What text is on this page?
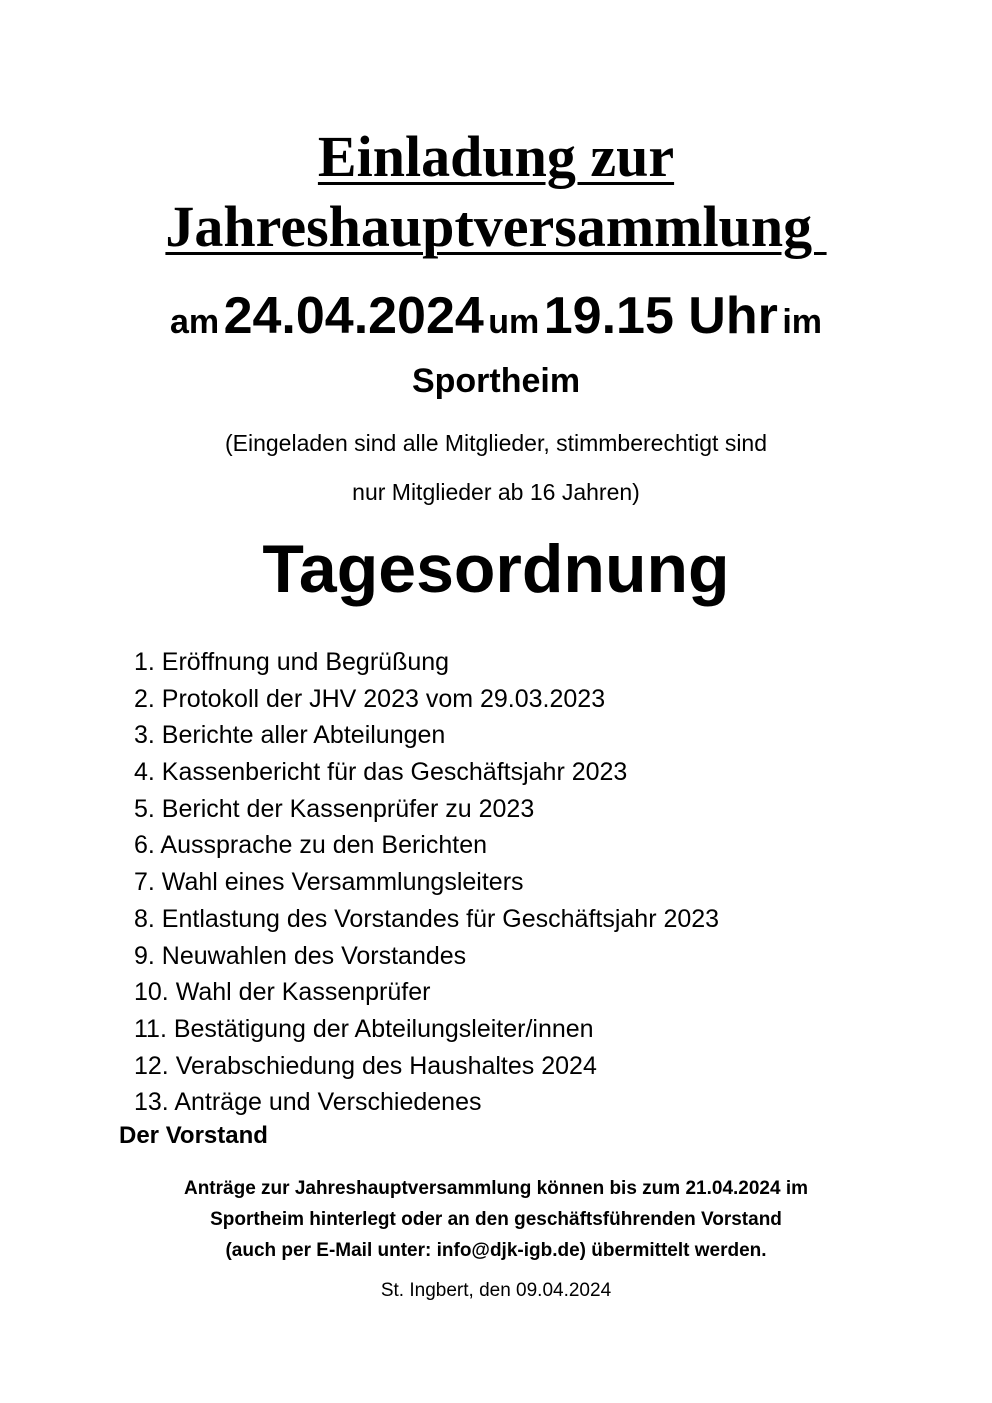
Einladung zur
Jahreshauptversammlung
am 24.04.2024 um 19.15 Uhr im
Sportheim
(Eingeladen sind alle Mitglieder, stimmberechtigt sind
nur Mitglieder ab 16 Jahren)
Tagesordnung
1. Eröffnung und Begrüßung
2. Protokoll der JHV 2023 vom 29.03.2023
3. Berichte aller Abteilungen
4. Kassenbericht für das Geschäftsjahr 2023
5. Bericht der Kassenprüfer zu 2023
6. Aussprache zu den Berichten
7. Wahl eines Versammlungsleiters
8. Entlastung des Vorstandes für Geschäftsjahr 2023
9. Neuwahlen des Vorstandes
10. Wahl der Kassenprüfer
11. Bestätigung der Abteilungsleiter/innen
12. Verabschiedung des Haushaltes 2024
13. Anträge und Verschiedenes
Der Vorstand
Anträge zur Jahreshauptversammlung können bis zum 21.04.2024 im
Sportheim hinterlegt oder an den geschäftsführenden Vorstand
(auch per E-Mail unter: info@djk-igb.de) übermittelt werden.
St. Ingbert, den 09.04.2024
